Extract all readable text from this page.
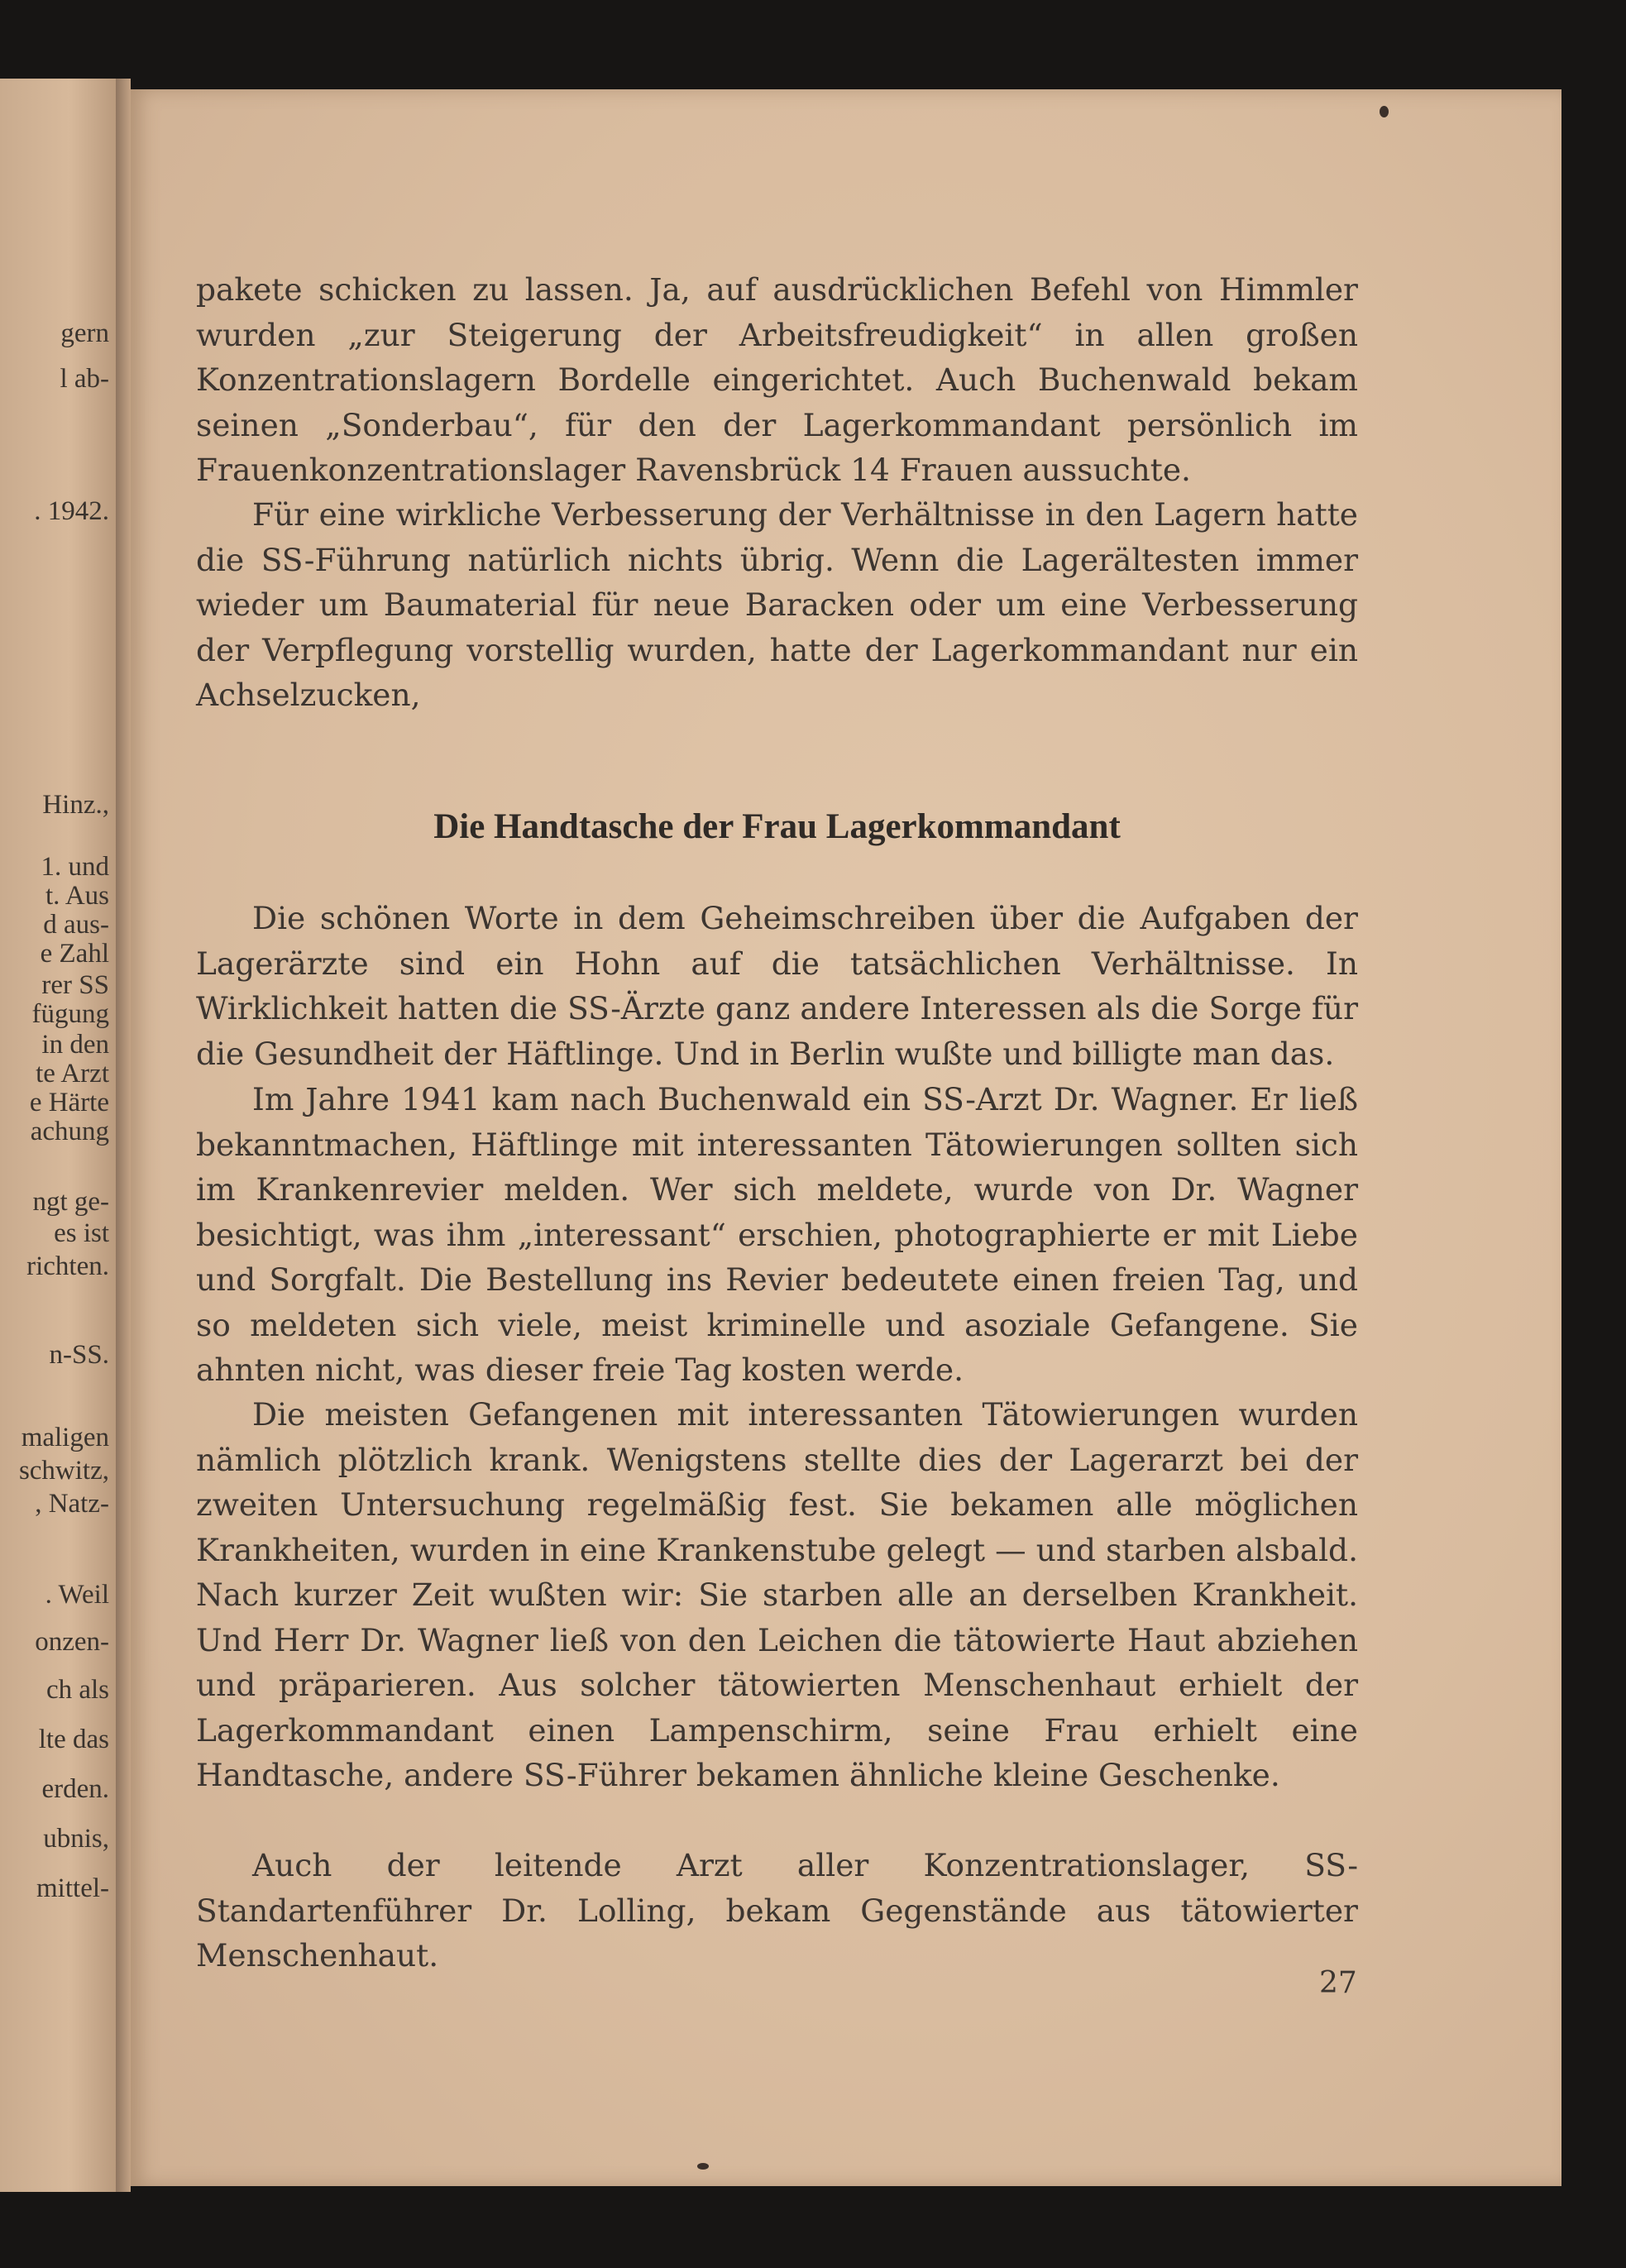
gern
l ab-
. 1942.
Hinz.,
1. und
t. Aus
d aus-
e Zahl
rer SS
fügung
in den
te Arzt
e Härte
achung
ngt ge-
es ist
richten.
n-SS.
maligen
schwitz,
, Natz-
. Weil
onzen-
ch als
lte das
erden.
ubnis,
mittel-

pakete schicken zu lassen. Ja, auf ausdrücklichen Befehl von Himmler wurden „zur Steigerung der Arbeitsfreudigkeit“ in allen großen Konzentrationslagern Bordelle eingerichtet. Auch Buchenwald bekam seinen „Sonderbau“, für den der Lagerkommandant persönlich im Frauenkonzentrationslager Ravensbrück 14 Frauen aussuchte.

Für eine wirkliche Verbesserung der Verhältnisse in den Lagern hatte die SS-Führung natürlich nichts übrig. Wenn die Lagerältesten immer wieder um Baumaterial für neue Baracken oder um eine Verbesserung der Verpflegung vorstellig wurden, hatte der Lagerkommandant nur ein Achselzucken,

Die Handtasche der Frau Lagerkommandant

Die schönen Worte in dem Geheimschreiben über die Aufgaben der Lagerärzte sind ein Hohn auf die tatsächlichen Verhältnisse. In Wirklichkeit hatten die SS-Ärzte ganz andere Interessen als die Sorge für die Gesundheit der Häftlinge. Und in Berlin wußte und billigte man das.

Im Jahre 1941 kam nach Buchenwald ein SS-Arzt Dr. Wagner. Er ließ bekanntmachen, Häftlinge mit interessanten Tätowierungen sollten sich im Krankenrevier melden. Wer sich meldete, wurde von Dr. Wagner besichtigt, was ihm „interessant“ erschien, photographierte er mit Liebe und Sorgfalt. Die Bestellung ins Revier bedeutete einen freien Tag, und so meldeten sich viele, meist kriminelle und asoziale Gefangene. Sie ahnten nicht, was dieser freie Tag kosten werde.

Die meisten Gefangenen mit interessanten Tätowierungen wurden nämlich plötzlich krank. Wenigstens stellte dies der Lagerarzt bei der zweiten Untersuchung regelmäßig fest. Sie bekamen alle möglichen Krankheiten, wurden in eine Krankenstube gelegt — und starben alsbald. Nach kurzer Zeit wußten wir: Sie starben alle an derselben Krankheit. Und Herr Dr. Wagner ließ von den Leichen die tätowierte Haut abziehen und präparieren. Aus solcher tätowierten Menschenhaut erhielt der Lagerkommandant einen Lampenschirm, seine Frau erhielt eine Handtasche, andere SS-Führer bekamen ähnliche kleine Geschenke.

Auch der leitende Arzt aller Konzentrationslager, SS-Standartenführer Dr. Lolling, bekam Gegenstände aus tätowierter Menschenhaut.

27
